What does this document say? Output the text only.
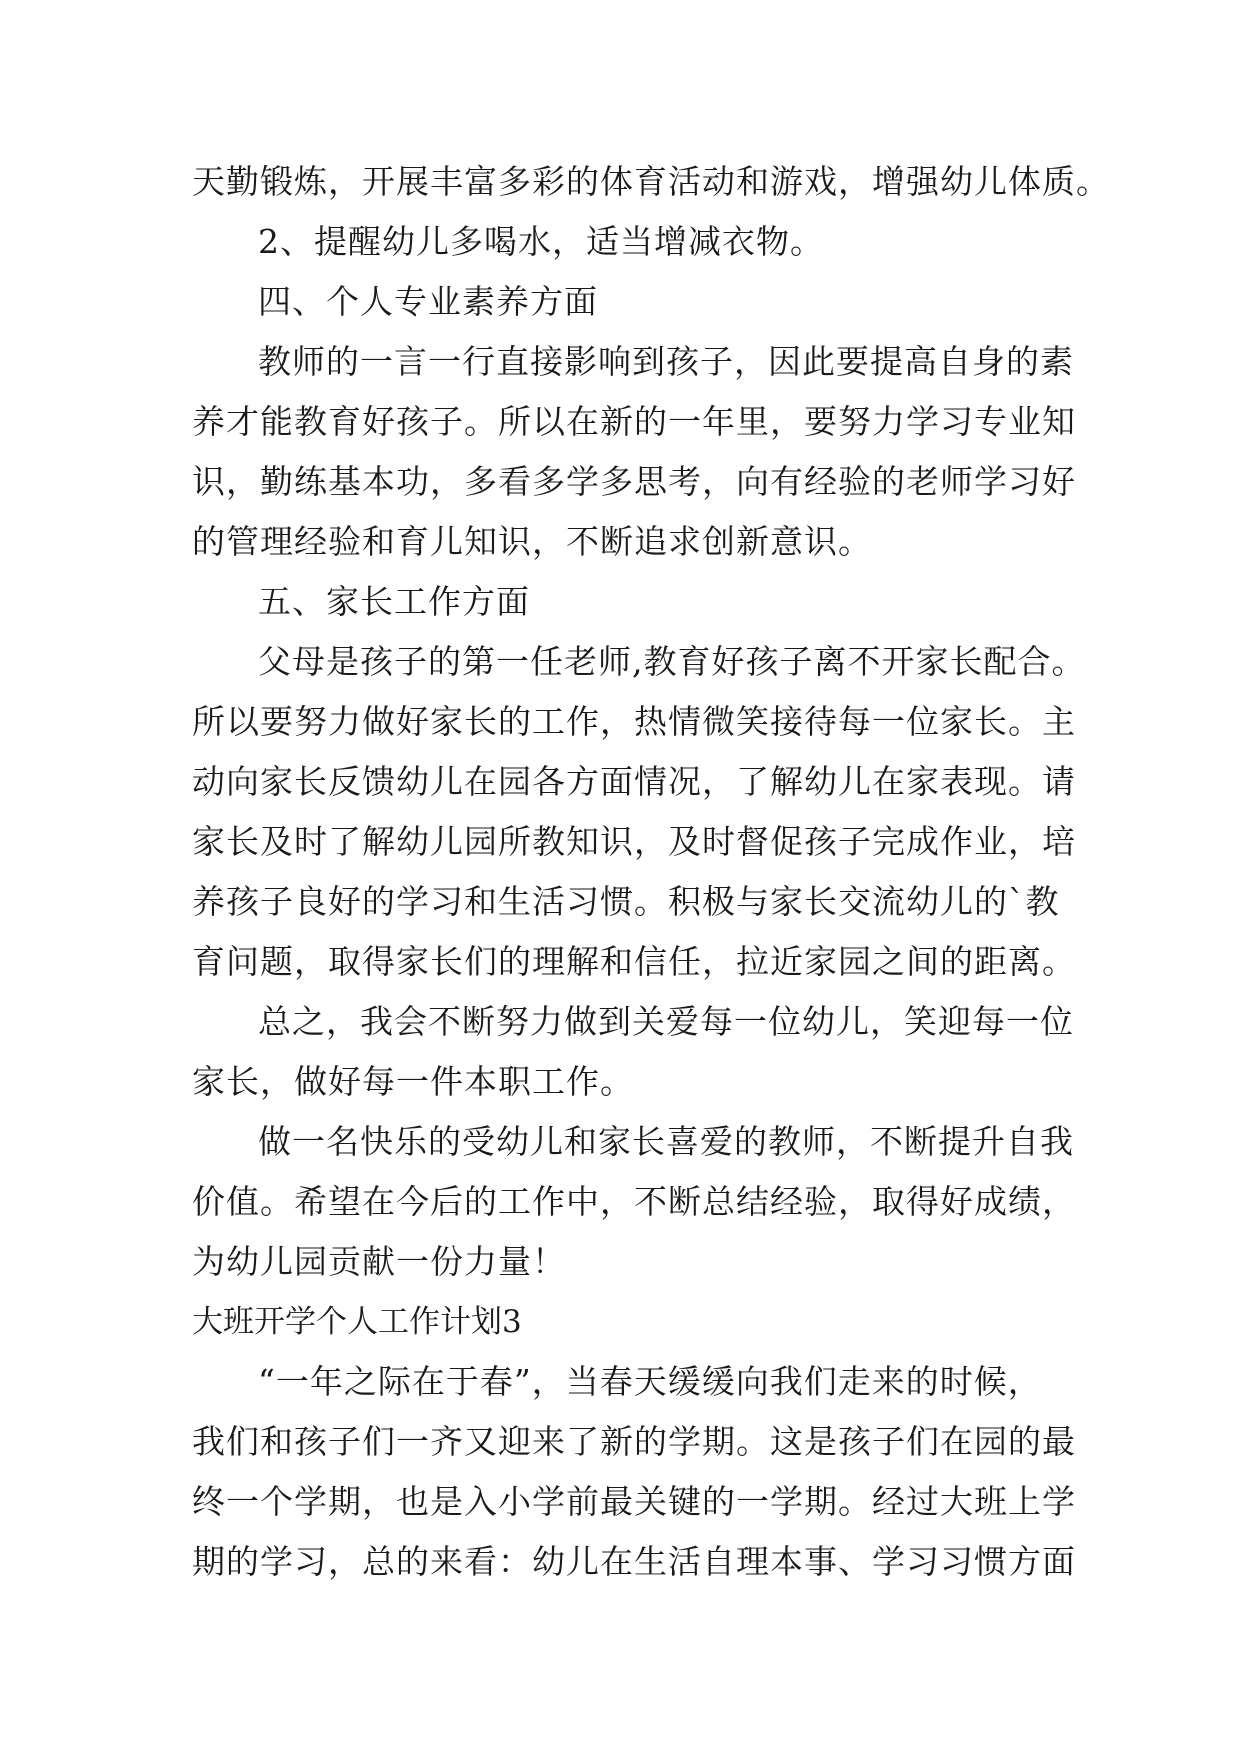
天勤锻炼，开展丰富多彩的体育活动和游戏，增强幼儿体质。
2、提醒幼儿多喝水，适当增减衣物。
四、个人专业素养方面
教师的一言一行直接影响到孩子，因此要提高自身的素
养才能教育好孩子。所以在新的一年里，要努力学习专业知
识，勤练基本功，多看多学多思考，向有经验的老师学习好
的管理经验和育儿知识，不断追求创新意识。
五、家长工作方面
父母是孩子的第一任老师,教育好孩子离不开家长配合。
所以要努力做好家长的工作，热情微笑接待每一位家长。主
动向家长反馈幼儿在园各方面情况，了解幼儿在家表现。请
家长及时了解幼儿园所教知识，及时督促孩子完成作业，培
养孩子良好的学习和生活习惯。积极与家长交流幼儿的`教
育问题，取得家长们的理解和信任，拉近家园之间的距离。
总之，我会不断努力做到关爱每一位幼儿，笑迎每一位
家长，做好每一件本职工作。
做一名快乐的受幼儿和家长喜爱的教师，不断提升自我
价值。希望在今后的工作中，不断总结经验，取得好成绩，
为幼儿园贡献一份力量！
大班开学个人工作计划3
“一年之际在于春”，当春天缓缓向我们走来的时候，
我们和孩子们一齐又迎来了新的学期。这是孩子们在园的最
终一个学期，也是入小学前最关键的一学期。经过大班上学
期的学习，总的来看：幼儿在生活自理本事、学习习惯方面
